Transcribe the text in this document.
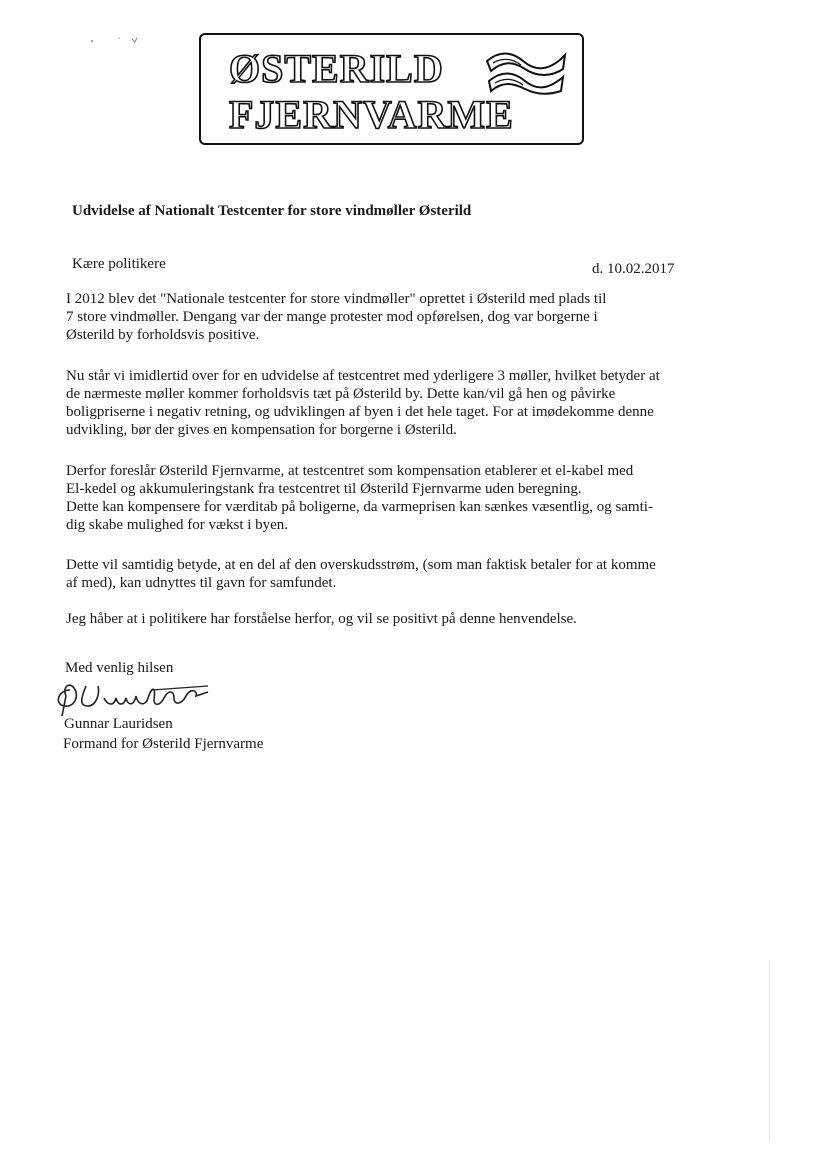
ØSTERILD
FJERNVARME
Udvidelse af Nationalt Testcenter for store vindmøller Østerild
Kære politikere	d. 10.02.2017
I 2012 blev det "Nationale testcenter for store vindmøller" oprettet i Østerild med plads til
7 store vindmøller. Dengang var der mange protester mod opførelsen, dog var borgerne i
Østerild by forholdsvis positive.
Nu står vi imidlertid over for en udvidelse af testcentret med yderligere 3 møller, hvilket betyder at
de nærmeste møller kommer forholdsvis tæt på Østerild by. Dette kan/vil gå hen og påvirke
boligpriserne i negativ retning, og udviklingen af byen i det hele taget. For at imødekomme denne
udvikling, bør der gives en kompensation for borgerne i Østerild.
Derfor foreslår Østerild Fjernvarme, at testcentret som kompensation etablerer et el-kabel med
El-kedel og akkumuleringstank fra testcentret til Østerild Fjernvarme uden beregning.
Dette kan kompensere for værditab på boligerne, da varmeprisen kan sænkes væsentlig, og samti-
dig skabe mulighed for vækst i byen.
Dette vil samtidig betyde, at en del af den overskudsstrøm, (som man faktisk betaler for at komme
af med), kan udnyttes til gavn for samfundet.
Jeg håber at i politikere har forståelse herfor, og vil se positivt på denne henvendelse.
Med venlig hilsen
Gunnar Lauridsen
Formand for Østerild Fjernvarme
